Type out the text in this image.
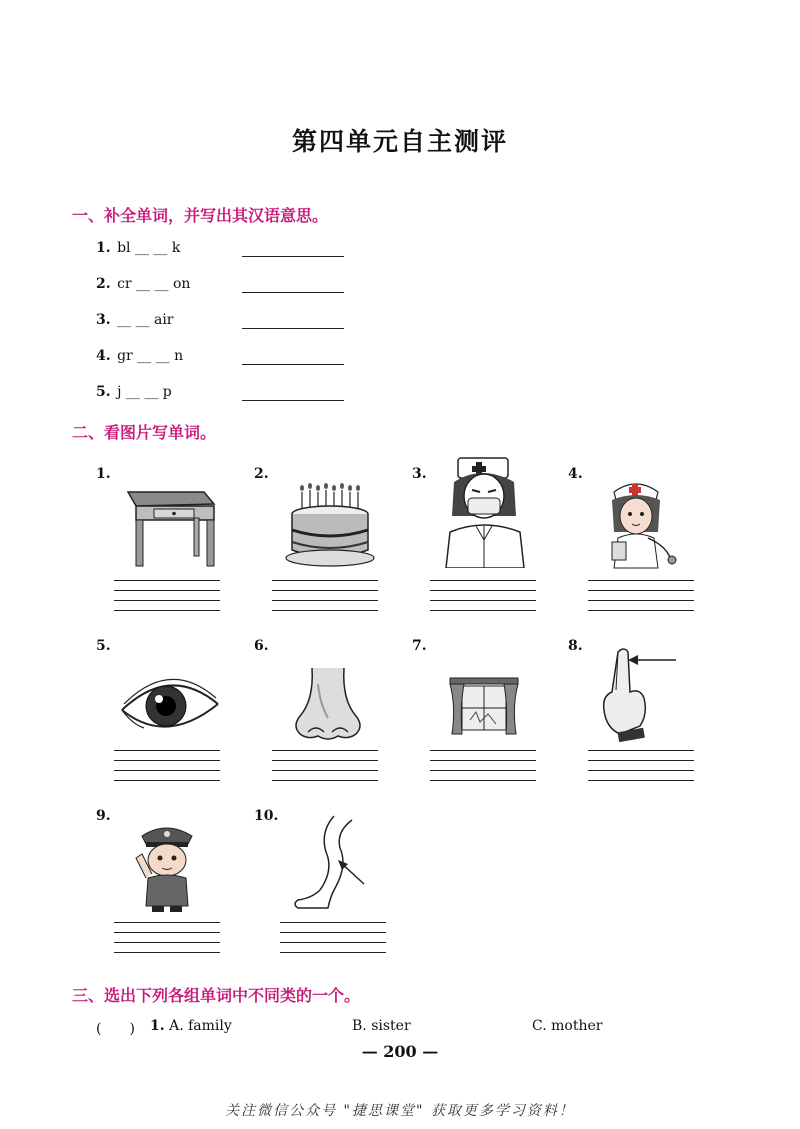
第四单元自主测评
一、补全单词，并写出其汉语意思。
1. bl __ __ k
2. cr __ __ on
3. __ __ air
4. gr __ __ n
5. j __ __ p
二、看图片写单词。
1.	2.	3.	4.
5.	6.	7.	8.
9.	10.
三、选出下列各组单词中不同类的一个。
(　　) 1. A. family	B. sister	C. mother
— 200 —
关注微信公众号 "捷思课堂" 获取更多学习资料！
